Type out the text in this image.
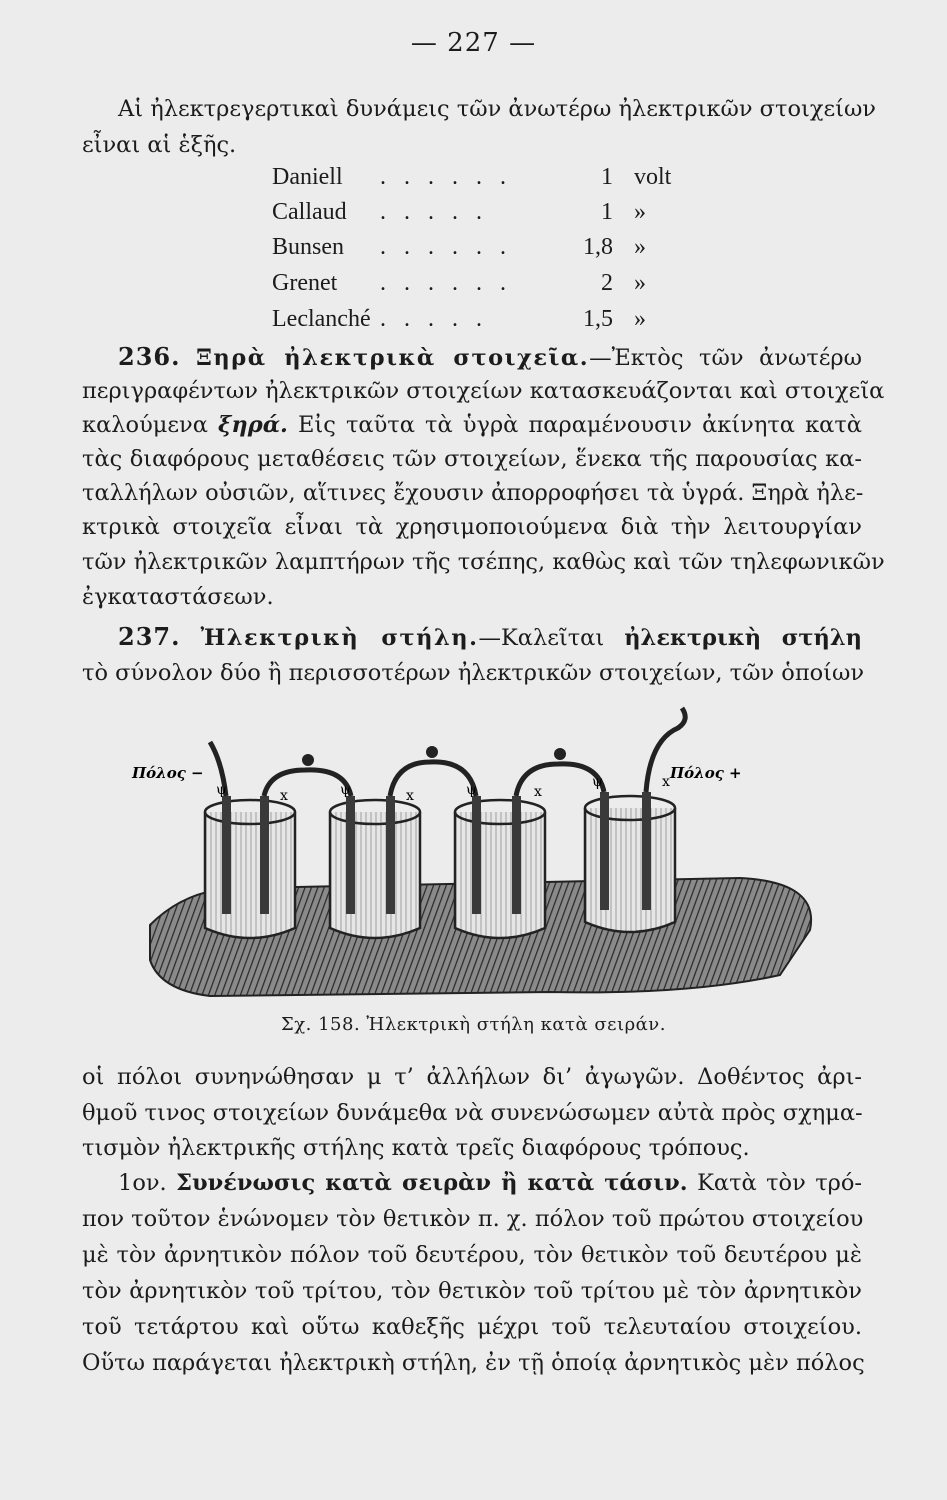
— 227 —
Αἱ ἠλεκτρεγερτικαὶ δυνάμεις τῶν ἀνωτέρω ἠλεκτρικῶν στοιχείων
εἶναι αἱ ἑξῆς.
Daniell . . . . . .	1 volt
Callaud . . . . .	1 »
Bunsen . . . . . .	1,8 »
Grenet . . . . . .	2 »
Leclanché . . . . .	1,5 »
236. Ξηρὰ ἠλεκτρικὰ στοιχεῖα.—Ἐκτὸς τῶν ἀνωτέρω
περιγραφέντων ἠλεκτρικῶν στοιχείων κατασκευάζονται καὶ στοιχεῖα
καλούμενα ξηρά. Εἰς ταῦτα τὰ ὑγρὰ παραμένουσιν ἀκίνητα κατὰ
τὰς διαφόρους μεταθέσεις τῶν στοιχείων, ἕνεκα τῆς παρουσίας κα-
ταλλήλων οὐσιῶν, αἵτινες ἔχουσιν ἀπορροφήσει τὰ ὑγρά. Ξηρὰ ἠλε-
κτρικὰ στοιχεῖα εἶναι τὰ χρησιμοποιούμενα διὰ τὴν λειτουργίαν
τῶν ἠλεκτρικῶν λαμπτήρων τῆς τσέπης, καθὼς καὶ τῶν τηλεφωνικῶν
ἐγκαταστάσεων.
237. Ἠλεκτρικὴ στήλη.—Καλεῖται ἠλεκτρικὴ στήλη
τὸ σύνολον δύο ἢ περισσοτέρων ἠλεκτρικῶν στοιχείων, τῶν ὁποίων
ψ	x	ψ	x	ψ	x
ψ	x
Πόλος −	Πόλος +
Σχ. 158. Ἠλεκτρικὴ στήλη κατὰ σειράν.
οἱ πόλοι συνηνώθησαν μ τ’ ἀλλήλων δι’ ἀγωγῶν. Δοθέντος ἀρι-
θμοῦ τινος στοιχείων δυνάμεθα νὰ συνενώσωμεν αὐτὰ πρὸς σχημα-
τισμὸν ἠλεκτρικῆς στήλης κατὰ τρεῖς διαφόρους τρόπους.
1ον. Συνένωσις κατὰ σειρὰν ἢ κατὰ τάσιν. Κατὰ τὸν τρό-
πον τοῦτον ἑνώνομεν τὸν θετικὸν π. χ. πόλον τοῦ πρώτου στοιχείου
μὲ τὸν ἀρνητικὸν πόλον τοῦ δευτέρου, τὸν θετικὸν τοῦ δευτέρου μὲ
τὸν ἀρνητικὸν τοῦ τρίτου, τὸν θετικὸν τοῦ τρίτου μὲ τὸν ἀρνητικὸν
τοῦ τετάρτου καὶ οὕτω καθεξῆς μέχρι τοῦ τελευταίου στοιχείου.
Οὕτω παράγεται ἠλεκτρικὴ στήλη, ἐν τῇ ὁποίᾳ ἀρνητικὸς μὲν πόλος
